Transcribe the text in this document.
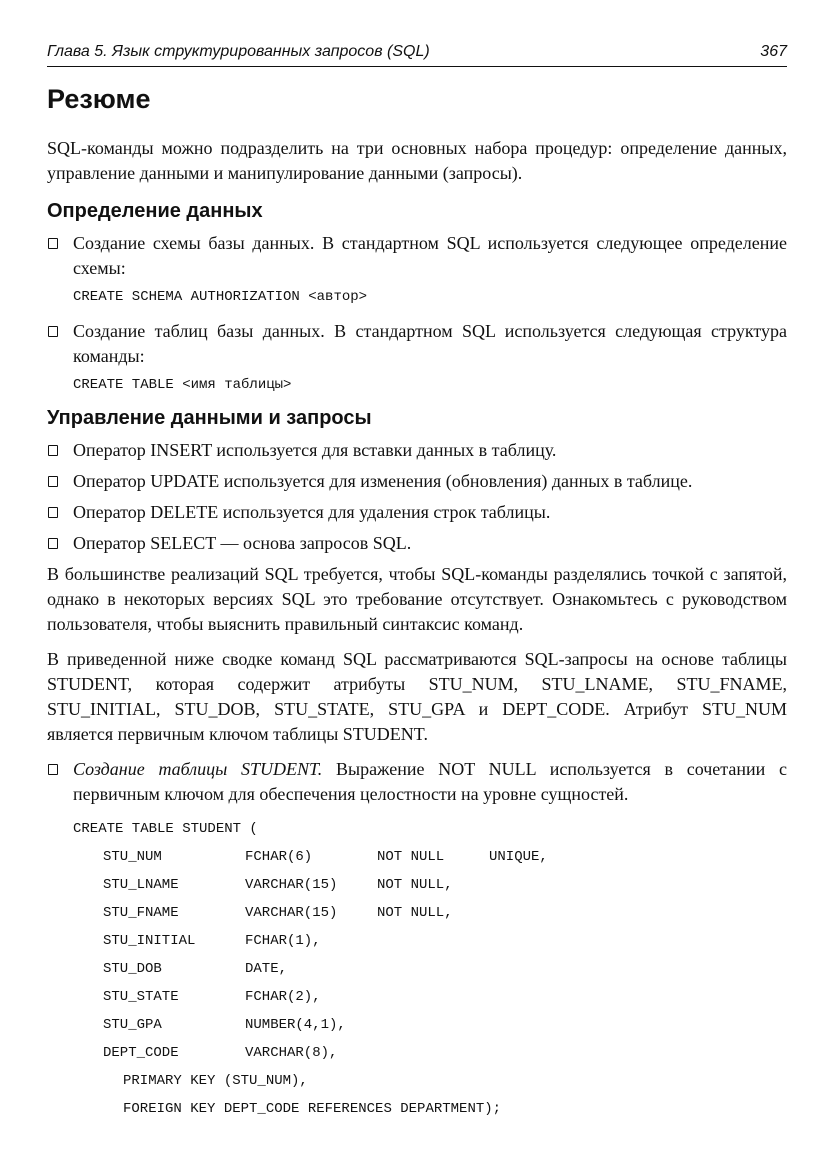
Глава 5. Язык структурированных запросов (SQL)	367
Резюме

SQL-команды можно подразделить на три основных набора процедур: определение данных, управление данными и манипулирование данными (запросы).

Определение данных
Создание схемы базы данных. В стандартном SQL используется следующее определение схемы:
CREATE SCHEMA AUTHORIZATION <автор>
Создание таблиц базы данных. В стандартном SQL используется следующая структура команды:
CREATE TABLE <имя таблицы>
Управление данными и запросы
Оператор INSERT используется для вставки данных в таблицу.
Оператор UPDATE используется для изменения (обновления) данных в таблице.
Оператор DELETE используется для удаления строк таблицы.
Оператор SELECT — основа запросов SQL.

В большинстве реализаций SQL требуется, чтобы SQL-команды разделялись точкой с запятой, однако в некоторых версиях SQL это требование отсутствует. Ознакомьтесь с руководством пользователя, чтобы выяснить правильный синтаксис команд.

В приведенной ниже сводке команд SQL рассматриваются SQL-запросы на основе таблицы STUDENT, которая содержит атрибуты STU_NUM, STU_LNAME, STU_FNAME, STU_INITIAL, STU_DOB, STU_STATE, STU_GPA и DEPT_CODE. Атрибут STU_NUM является первичным ключом таблицы STUDENT.

Создание таблицы STUDENT. Выражение NOT NULL используется в сочетании с первичным ключом для обеспечения целостности на уровне сущностей.
CREATE TABLE STUDENT (
STU_NUM	FCHAR(6)	NOT NULL	UNIQUE,
STU_LNAME	VARCHAR(15)	NOT NULL,	
STU_FNAME	VARCHAR(15)	NOT NULL,	
STU_INITIAL	FCHAR(1),		
STU_DOB	DATE,		
STU_STATE	FCHAR(2),		
STU_GPA	NUMBER(4,1),		
DEPT_CODE	VARCHAR(8),		
PRIMARY KEY (STU_NUM),
FOREIGN KEY DEPT_CODE REFERENCES DEPARTMENT);
